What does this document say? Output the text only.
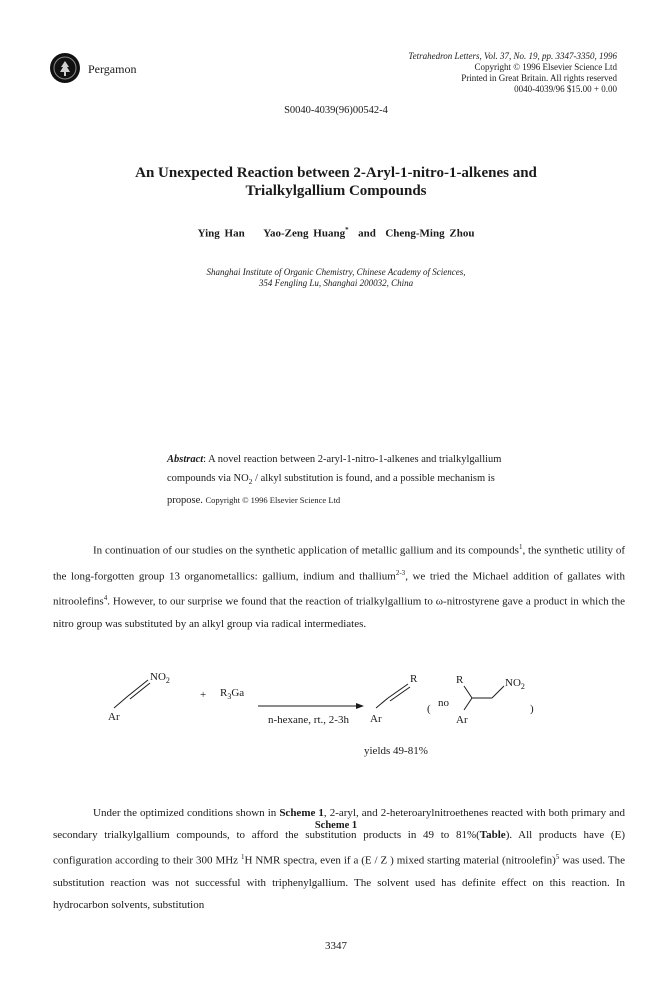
Pergamon
Tetrahedron Letters, Vol. 37, No. 19, pp. 3347-3350, 1996
Copyright © 1996 Elsevier Science Ltd
Printed in Great Britain. All rights reserved
0040-4039/96 $15.00 + 0.00
S0040-4039(96)00542-4
An Unexpected Reaction between 2-Aryl-1-nitro-1-alkenes and
Trialkylgallium Compounds
Ying Han Yao-Zeng Huang* and Cheng-Ming Zhou
Shanghai Institute of Organic Chemistry, Chinese Academy of Sciences,
354 Fengling Lu, Shanghai 200032, China
Abstract: A novel reaction between 2-aryl-1-nitro-1-alkenes and trialkylgallium compounds via $NO_2$ / alkyl substitution is found, and a possible mechanism is propose. Copyright © 1996 Elsevier Science Ltd
In continuation of our studies on the synthetic application of metallic gallium and its compounds$^1$, the synthetic utility of the long-forgotten group 13 organometallics: gallium, indium and thallium$^{2-3}$, we tried the Michael addition of gallates with nitroolefins$^4$. However, to our surprise we found that the reaction of trialkylgallium to ω-nitrostyrene gave a product in which the nitro group was substituted by an alkyl group via radical intermediates.
$NO_2$
Ar
+ $R_3Ga$
n-hexane, rt., 2-3h
R
Ar
( no
R
Ar
$NO_2$
)
yields 49-81%
Scheme 1
Under the optimized conditions shown in Scheme 1, 2-aryl, and 2-heteroarylnitroethenes reacted with both primary and secondary trialkylgallium compounds, to afford the substitution products in 49 to 81%(Table). All products have (E) configuration according to their 300 MHz $^1$H NMR spectra, even if a (E / Z ) mixed starting material (nitroolefin)$^5$ was used. The substitution reaction was not successful with triphenylgallium. The solvent used has definite effect on this reaction. In hydrocarbon solvents, substitution
3347
